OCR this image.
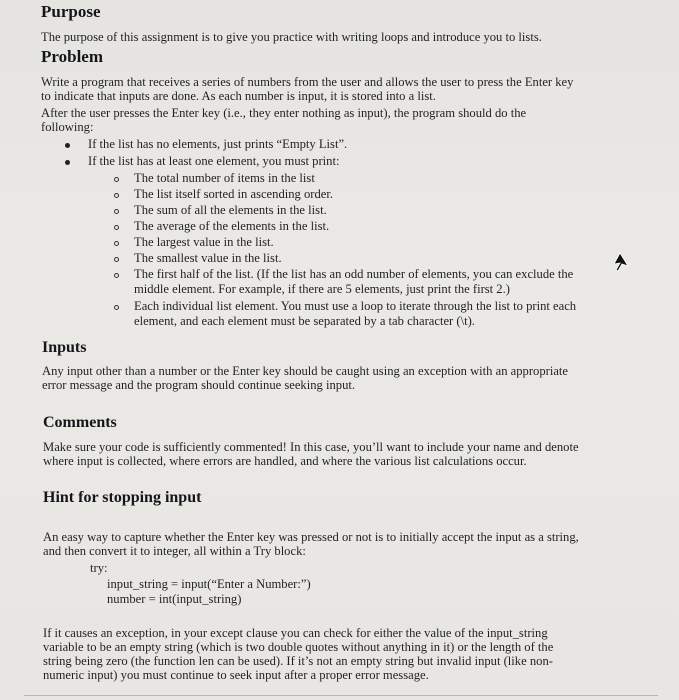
Purpose

The purpose of this assignment is to give you practice with writing loops and introduce you to lists.

Problem

Write a program that receives a series of numbers from the user and allows the user to press the Enter key

to indicate that inputs are done. As each number is input, it is stored into a list.

After the user presses the Enter key (i.e., they enter nothing as input), the program should do the

following:

If the list has no elements, just prints “Empty List”.
If the list has at least one element, you must print:
The total number of items in the list
The list itself sorted in ascending order.
The sum of all the elements in the list.
The average of the elements in the list.
The largest value in the list.
The smallest value in the list.
The first half of the list. (If the list has an odd number of elements, you can exclude the
middle element. For example, if there are 5 elements, just print the first 2.)
Each individual list element. You must use a loop to iterate through the list to print each
element, and each element must be separated by a tab character (\t).
Inputs

Any input other than a number or the Enter key should be caught using an exception with an appropriate

error message and the program should continue seeking input.

Comments

Make sure your code is sufficiently commented! In this case, you’ll want to include your name and denote

where input is collected, where errors are handled, and where the various list calculations occur.

Hint for stopping input

An easy way to capture whether the Enter key was pressed or not is to initially accept the input as a string,

and then convert it to integer, all within a Try block:

try:
input_string = input(“Enter a Number:”)
number = int(input_string)

If it causes an exception, in your except clause you can check for either the value of the input_string

variable to be an empty string (which is two double quotes without anything in it) or the length of the

string being zero (the function len can be used). If it’s not an empty string but invalid input (like non-

numeric input) you must continue to seek input after a proper error message.
